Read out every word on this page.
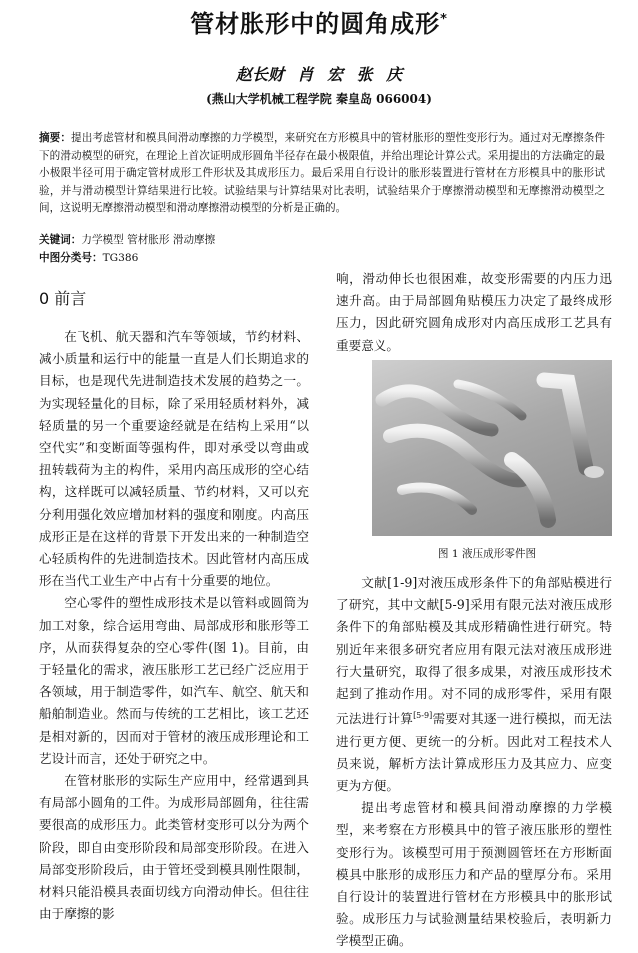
管材胀形中的圆角成形*
赵长财 肖 宏 张 庆
(燕山大学机械工程学院 秦皇岛 066004)
摘要：提出考虑管材和模具间滑动摩擦的力学模型，来研究在方形模具中的管材胀形的塑性变形行为。通过对无摩擦条件下的滑动模型的研究，在理论上首次证明成形圆角半径存在最小极限值，并给出理论计算公式。采用提出的方法确定的最小极限半径可用于确定管材成形工件形状及其成形压力。最后采用自行设计的胀形装置进行管材在方形模具中的胀形试验，并与滑动模型计算结果进行比较。试验结果与计算结果对比表明，试验结果介于摩擦滑动模型和无摩擦滑动模型之间，这说明无摩擦滑动模型和滑动摩擦滑动模型的分析是正确的。
关键词：力学模型 管材胀形 滑动摩擦
中图分类号：TG386
0 前言

在飞机、航天器和汽车等领域，节约材料、减小质量和运行中的能量一直是人们长期追求的目标，也是现代先进制造技术发展的趋势之一。为实现轻量化的目标，除了采用轻质材料外，减轻质量的另一个重要途经就是在结构上采用“以空代实”和变断面等强构件，即对承受以弯曲或扭转载荷为主的构件，采用内高压成形的空心结构，这样既可以减轻质量、节约材料，又可以充分利用强化效应增加材料的强度和刚度。内高压成形正是在这样的背景下开发出来的一种制造空心轻质构件的先进制造技术。因此管材内高压成形在当代工业生产中占有十分重要的地位。

空心零件的塑性成形技术是以管料或圆筒为加工对象，综合运用弯曲、局部成形和胀形等工序，从而获得复杂的空心零件(图 1)。目前，由于轻量化的需求，液压胀形工艺已经广泛应用于各领域，用于制造零件，如汽车、航空、航天和船舶制造业。然而与传统的工艺相比，该工艺还是相对新的，因而对于管材的液压成形理论和工艺设计而言，还处于研究之中。

在管材胀形的实际生产应用中，经常遇到具有局部小圆角的工件。为成形局部圆角，往往需要很高的成形压力。此类管材变形可以分为两个阶段，即自由变形阶段和局部变形阶段。在进入局部变形阶段后，由于管坯受到模具刚性限制，材料只能沿模具表面切线方向滑动伸长。但往往由于摩擦的影

响，滑动伸长也很困难，故变形需要的内压力迅速升高。由于局部圆角贴模压力决定了最终成形压力，因此研究圆角成形对内高压成形工艺具有重要意义。

图 1 液压成形零件图

文献[1-9]对液压成形条件下的角部贴模进行了研究，其中文献[5-9]采用有限元法对液压成形条件下的角部贴模及其成形精确性进行研究。特别近年来很多研究者应用有限元法对液压成形进行大量研究，取得了很多成果，对液压成形技术起到了推动作用。对不同的成形零件，采用有限元法进行计算[5-9]需要对其逐一进行模拟，而无法进行更方便、更统一的分析。因此对工程技术人员来说，解析方法计算成形压力及其应力、应变更为方便。

提出考虑管材和模具间滑动摩擦的力学模型，来考察在方形模具中的管子液压胀形的塑性变形行为。该模型可用于预测圆管坯在方形断面模具中胀形的成形压力和产品的壁厚分布。采用自行设计的装置进行管材在方形模具中的胀形试验。成形压力与试验测量结果校验后，表明新力学模型正确。
